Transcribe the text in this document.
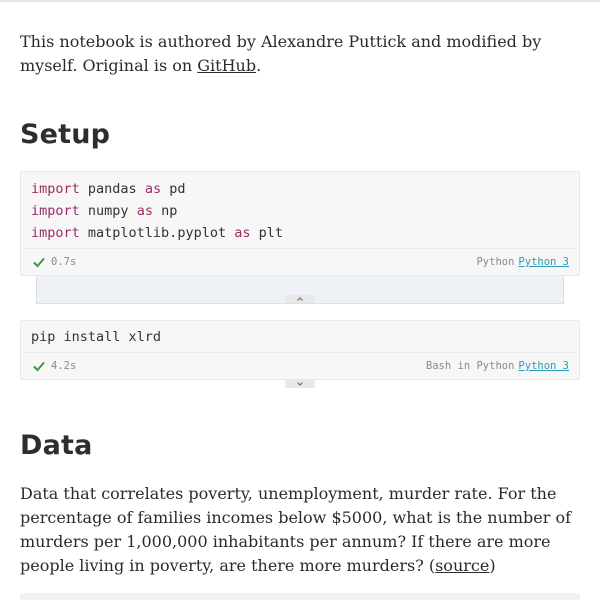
This notebook is authored by Alexandre Puttick and modified by myself. Original is on GitHub.

Setup
import pandas as pd
import numpy as np
import matplotlib.pyplot as plt
0.7s	Python Python 3
pip install xlrd
4.2s	Bash in Python Python 3
Data

Data that correlates poverty, unemployment, murder rate. For the percentage of families incomes below $5000, what is the number of murders per 1,000,000 inhabitants per annum? If there are more people living in poverty, are there more murders? (source)
